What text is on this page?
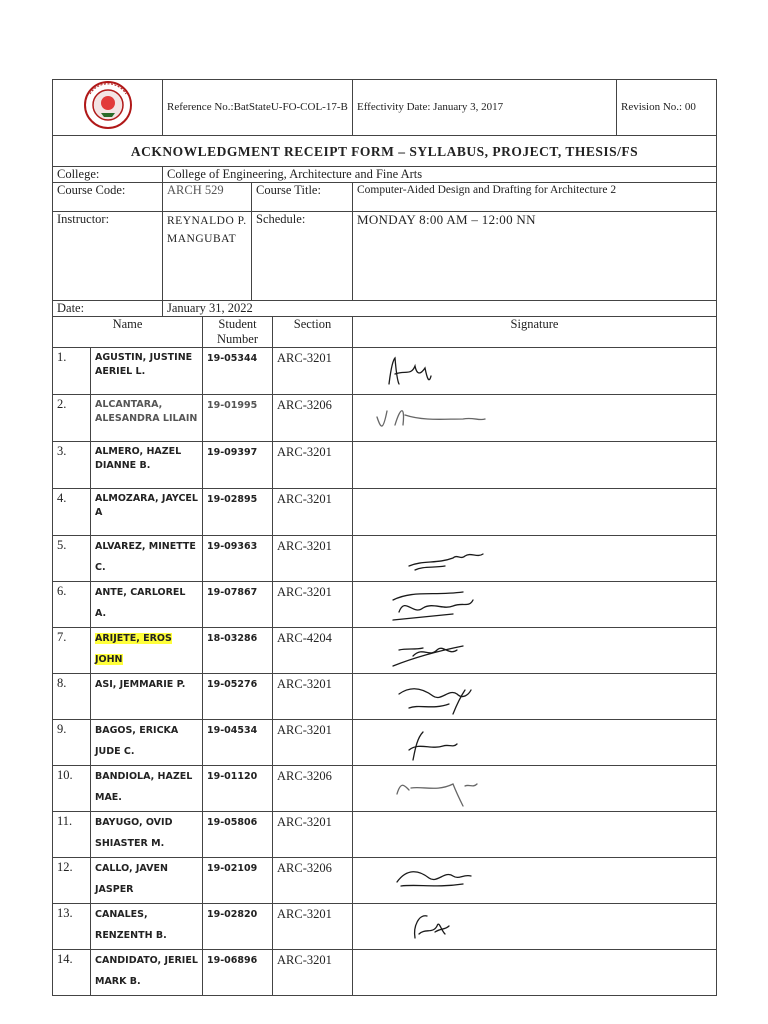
	Reference No.:BatStateU-FO-COL-17-B				Effectivity Date: January 3, 2017	Revision No.: 00
ACKNOWLEDGMENT RECEIPT FORM – SYLLABUS, PROJECT, THESIS/FS							
College:		College of Engineering, Architecture and Fine Arts					
Course Code:		ARCH 529		Course Title:		Computer-Aided Design and Drafting for Architecture 2	
Instructor:		REYNALDO P. MANGUBAT		Schedule:		MONDAY 8:00 AM – 12:00 NN	
Date:		January 31, 2022					
Name			Student Number		Section	Signature	
1.	AGUSTIN, JUSTINE AERIEL L.		19-05344		ARC-3201	

2.	ALCANTARA, ALESANDRA LILAIN		19-01995		ARC-3206	

3.	ALMERO, HAZEL DIANNE B.		19-09397		ARC-3201		
4.	ALMOZARA, JAYCEL A		19-02895		ARC-3201		
5.	ALVAREZ, MINETTE C.		19-09363		ARC-3201	

6.	ANTE, CARLOREL A.		19-07867		ARC-3201	

7.	ARIJETE, EROS JOHN		18-03286		ARC-4204	

8.	ASI, JEMMARIE P.		19-05276		ARC-3201	

9.	BAGOS, ERICKA JUDE C.		19-04534		ARC-3201	

10.	BANDIOLA, HAZEL MAE.		19-01120		ARC-3206	

11.	BAYUGO, OVID SHIASTER M.		19-05806		ARC-3201		
12.	CALLO, JAVEN JASPER		19-02109		ARC-3206	

13.	CANALES, RENZENTH B.		19-02820		ARC-3201	

14.	CANDIDATO, JERIEL MARK B.		19-06896		ARC-3201		
